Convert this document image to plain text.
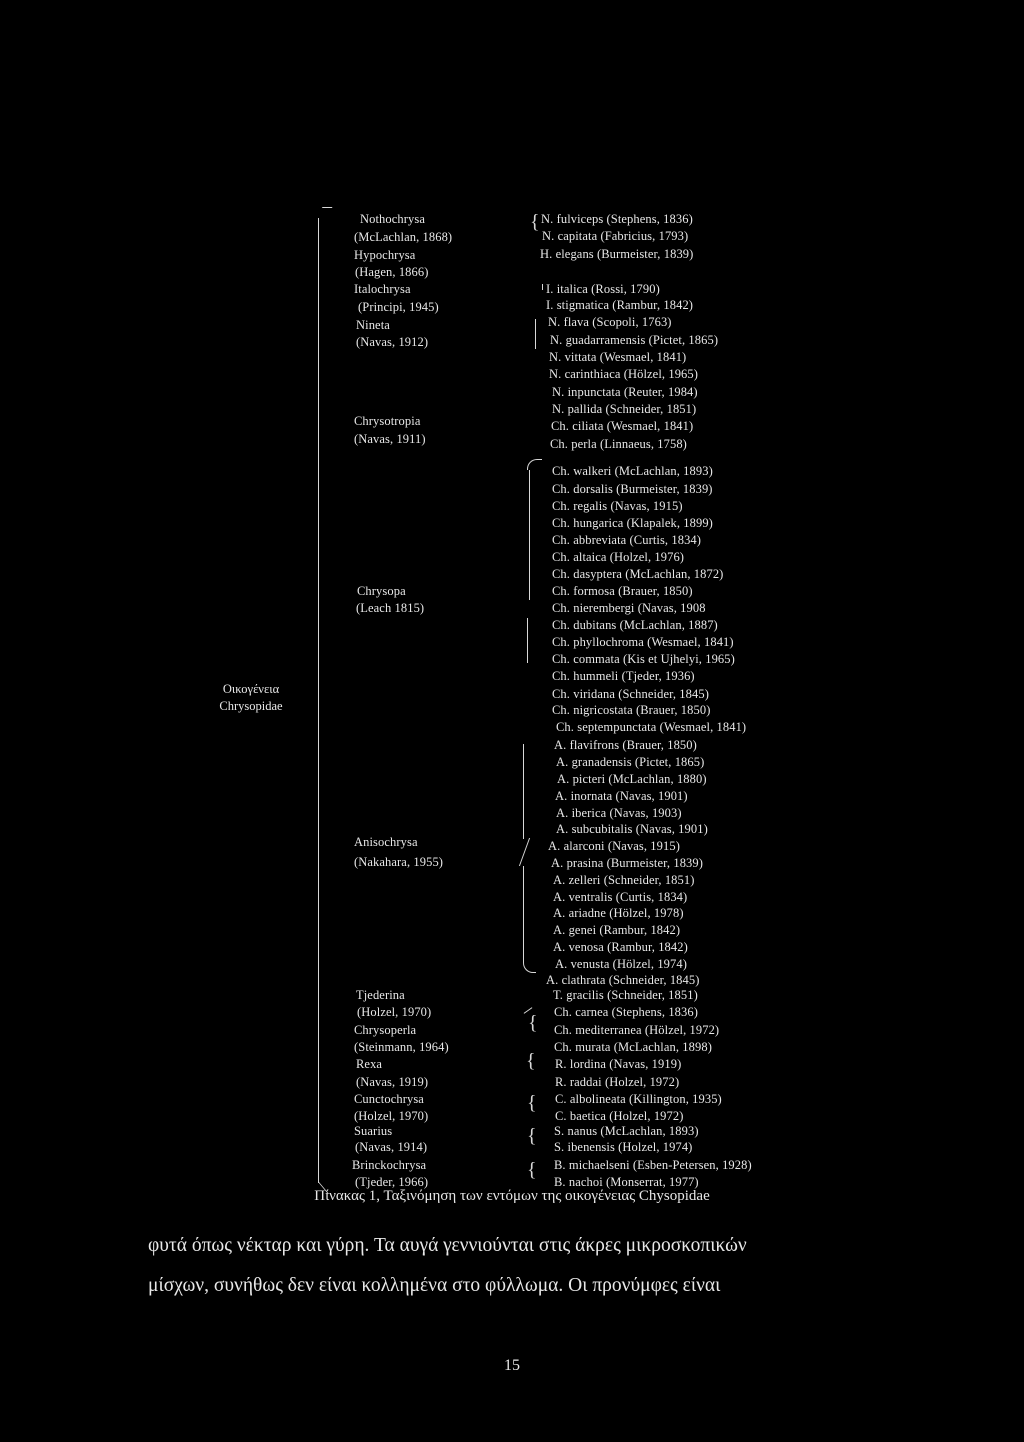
Οικογένεια
Chrysopidae
Nothochrysa
(McLachlan, 1868)
Hypochrysa
(Hagen, 1866)
Italochrysa
(Principi, 1945)
Nineta
(Navas, 1912)
Chrysotropia
(Navas, 1911)
Chrysopa
(Leach 1815)
Anisochrysa
(Nakahara, 1955)
Tjederina
(Holzel, 1970)
Chrysoperla
(Steinmann, 1964)
Rexa
(Navas, 1919)
Cunctochrysa
(Holzel, 1970)
Suarius
(Navas, 1914)
Brinckochrysa
(Tjeder, 1966)
N. fulviceps (Stephens, 1836)
N. capitata (Fabricius, 1793)
H. elegans (Burmeister, 1839)
I. italica (Rossi, 1790)
I. stigmatica (Rambur, 1842)
N. flava (Scopoli, 1763)
N. guadarramensis (Pictet, 1865)
N. vittata (Wesmael, 1841)
N. carinthiaca (Hölzel, 1965)
N. inpunctata (Reuter, 1984)
N. pallida (Schneider, 1851)
Ch. ciliata (Wesmael, 1841)
Ch. perla (Linnaeus, 1758)
Ch. walkeri (McLachlan, 1893)
Ch. dorsalis (Burmeister, 1839)
Ch. regalis (Navas, 1915)
Ch. hungarica (Klapalek, 1899)
Ch. abbreviata (Curtis, 1834)
Ch. altaica (Holzel, 1976)
Ch. dasyptera (McLachlan, 1872)
Ch. formosa (Brauer, 1850)
Ch. nierembergi (Navas, 1908
Ch. dubitans (McLachlan, 1887)
Ch. phyllochroma (Wesmael, 1841)
Ch. commata (Kis et Ujhelyi, 1965)
Ch. hummeli (Tjeder, 1936)
Ch. viridana (Schneider, 1845)
Ch. nigricostata (Brauer, 1850)
Ch. septempunctata (Wesmael, 1841)
A. flavifrons (Brauer, 1850)
A. granadensis (Pictet, 1865)
A. picteri (McLachlan, 1880)
A. inornata (Navas, 1901)
A. iberica (Navas, 1903)
A. subcubitalis (Navas, 1901)
A. alarconi (Navas, 1915)
A. prasina (Burmeister, 1839)
A. zelleri (Schneider, 1851)
A. ventralis (Curtis, 1834)
A. ariadne (Hölzel, 1978)
A. genei (Rambur, 1842)
A. venosa (Rambur, 1842)
A. venusta (Hölzel, 1974)
A. clathrata (Schneider, 1845)
T. gracilis (Schneider, 1851)
Ch. carnea (Stephens, 1836)
Ch. mediterranea (Hölzel, 1972)
Ch. murata (McLachlan, 1898)
R. lordina (Navas, 1919)
R. raddai (Holzel, 1972)
C. albolineata (Killington, 1935)
C. baetica (Holzel, 1972)
S. nanus (McLachlan, 1893)
S. ibenensis (Holzel, 1974)
B. michaelseni (Esben-Petersen, 1928)
B. nachoi (Monserrat, 1977)
{
{
{
{
{
{
Πίνακας 1, Ταξινόμηση των εντόμων της οικογένειας Chysopidae
φυτά όπως νέκταρ και γύρη. Τα αυγά γεννιούνται στις άκρες μικροσκοπικών
μίσχων, συνήθως δεν είναι κολλημένα στο φύλλωμα. Οι προνύμφες είναι
15
